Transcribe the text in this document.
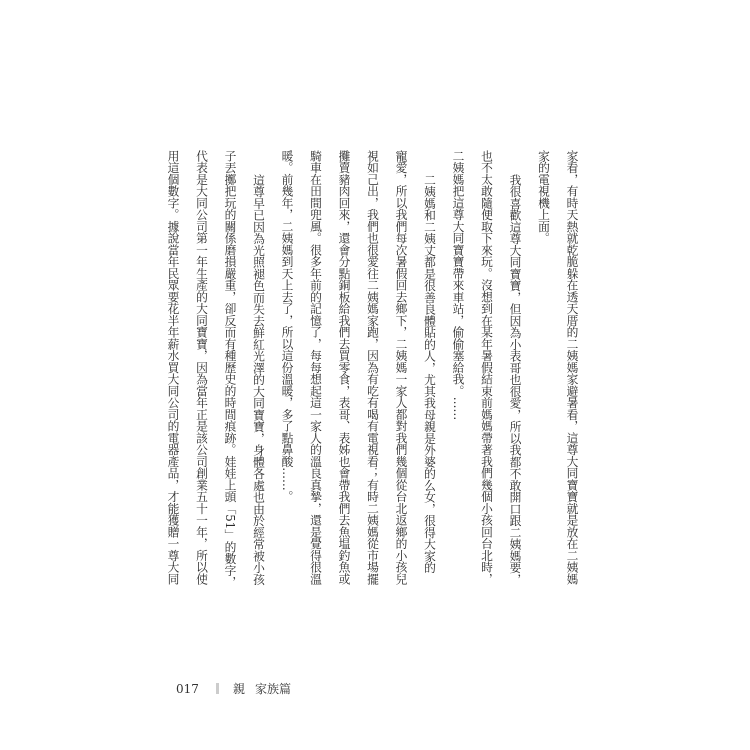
家看，有時天熱就乾脆躲在透天厝的二姨媽家避暑看，這尊大同寶寶就是放在二姨媽
家的電視機上面。
我很喜歡這尊大同寶寶，但因為小表哥也很愛，所以我都不敢開口跟二姨媽要，
也不太敢隨便取下來玩。沒想到在某年暑假結束前媽媽帶著我們幾個小孩回台北時，
二姨媽把這尊大同寶寶帶來車站，偷偷塞給我。……
二姨媽和二姨丈都是很善良體貼的人，尤其我母親是外婆的么女，很得大家的
寵愛，所以我們每次暑假回去鄉下，二姨媽一家人都對我們幾個從台北返鄉的小孩兒
視如己出，我們也很愛往二姨媽家跑，因為有吃有喝有電視看；有時二姨媽從市場擺
攤賣豬肉回來，還會分點銅板給我們去買零食，表哥、表姊也會帶我們去魚塭釣魚或
騎車在田間兜風。很多年前的記憶了，每每想起這一家人的溫良真摯，還是覺得很溫
暖。前幾年，二姨媽到天上去了，所以這份溫暖，多了點鼻酸……。
這尊早已因為光照褪色而失去鮮紅光澤的大同寶寶，身體各處也由於經常被小孩
子丟擲把玩的關係磨損嚴重，卻反而有種歷史的時間痕跡。娃娃上頭「51」的數字，
代表是大同公司第一年生產的大同寶寶，因為當年正是該公司創業五十一年，所以使
用這個數字。據說當年民眾要花半年薪水買大同公司的電器產品，才能獲贈一尊大同
017	親 家族篇
